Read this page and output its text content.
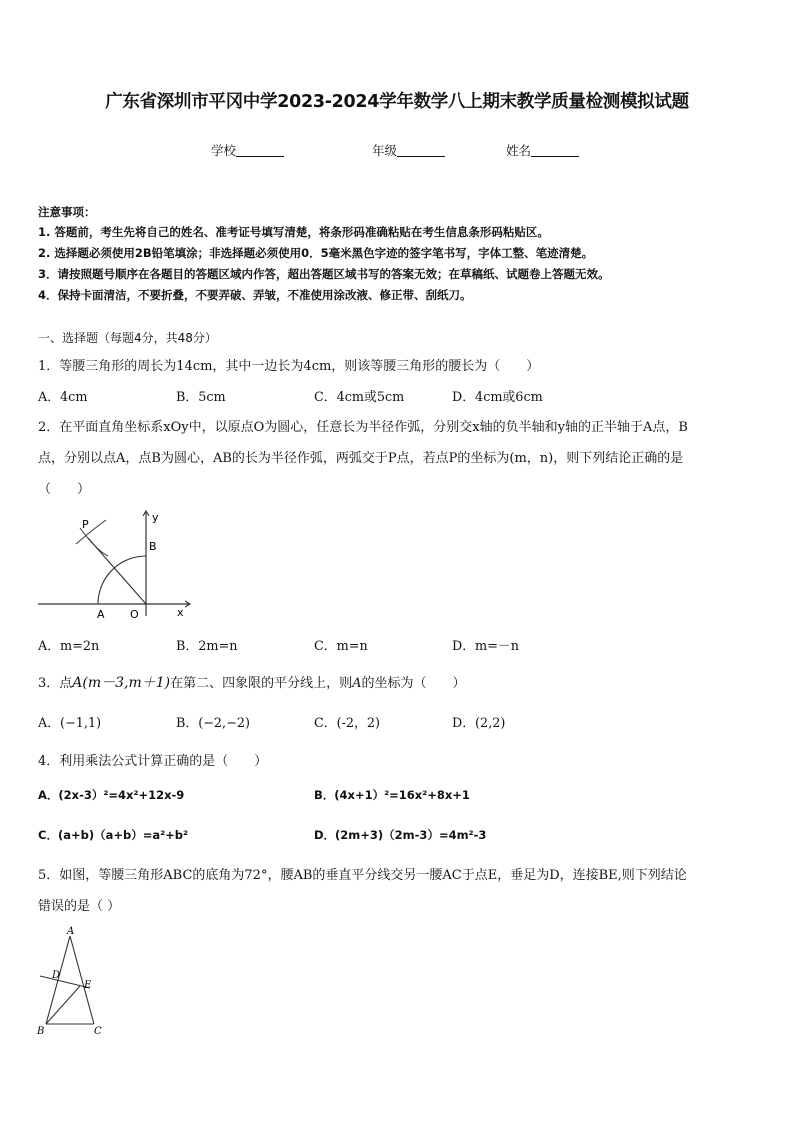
广东省深圳市平冈中学2023-2024学年数学八上期末教学质量检测模拟试题
学校	年级	姓名
注意事项：
1. 答题前，考生先将自己的姓名、准考证号填写清楚，将条形码准确粘贴在考生信息条形码粘贴区。
2. 选择题必须使用2B铅笔填涂；非选择题必须使用0．5毫米黑色字迹的签字笔书写，字体工整、笔迹清楚。
3．请按照题号顺序在各题目的答题区域内作答，超出答题区域书写的答案无效；在草稿纸、试题卷上答题无效。
4．保持卡面清洁，不要折叠，不要弄破、弄皱，不准使用涂改液、修正带、刮纸刀。
一、选择题（每题4分，共48分）
1．等腰三角形的周长为14cm，其中一边长为4cm，则该等腰三角形的腰长为（　　）
A．4cm	B．5cm	C．4cm或5cm	D．4cm或6cm
2．在平面直角坐标系xOy中，以原点O为圆心，任意长为半径作弧，分别交x轴的负半轴和y轴的正半轴于A点，B
点，分别以点A，点B为圆心，AB的长为半径作弧，两弧交于P点，若点P的坐标为(m，n)，则下列结论正确的是
（　　）
P
y
B
A O	x
A．m=2n	B．2m=n	C．m=n	D．m=－n
3．点A(m－3,m＋1)在第二、四象限的平分线上，则A的坐标为（　　）
A．(−1,1)	B．(−2,−2)	C．(-2，2)	D．(2,2)
4．利用乘法公式计算正确的是（　　）
A．(2x-3）²=4x²+12x-9	B．(4x+1）²=16x²+8x+1
C．(a+b)（a+b）=a²+b²	D．(2m+3)（2m-3）=4m²-3
5．如图，等腰三角形ABC的底角为72°，腰AB的垂直平分线交另一腰AC于点E，垂足为D，连接BE,则下列结论
错误的是（ ）
A
D
E
B	C
